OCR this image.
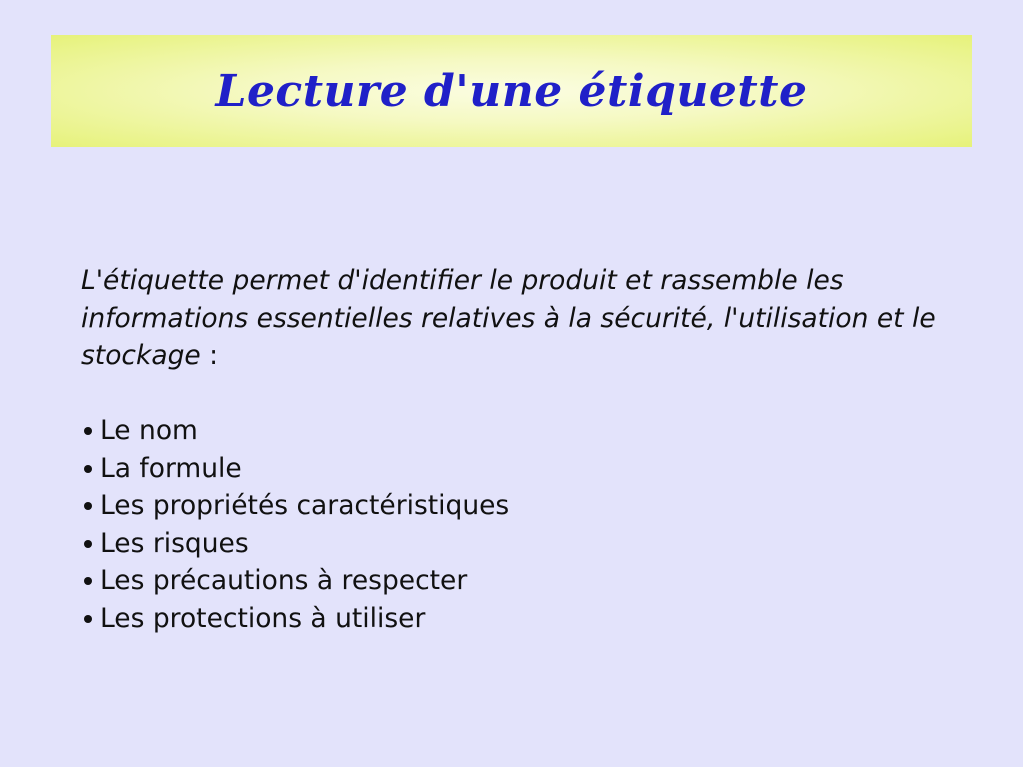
Lecture d'une étiquette

L'étiquette permet d'identifier le produit et rassemble les informations essentielles relatives à la sécurité, l'utilisation et le stockage :

Le nom
La formule
Les propriétés caractéristiques
Les risques
Les précautions à respecter
Les protections à utiliser
